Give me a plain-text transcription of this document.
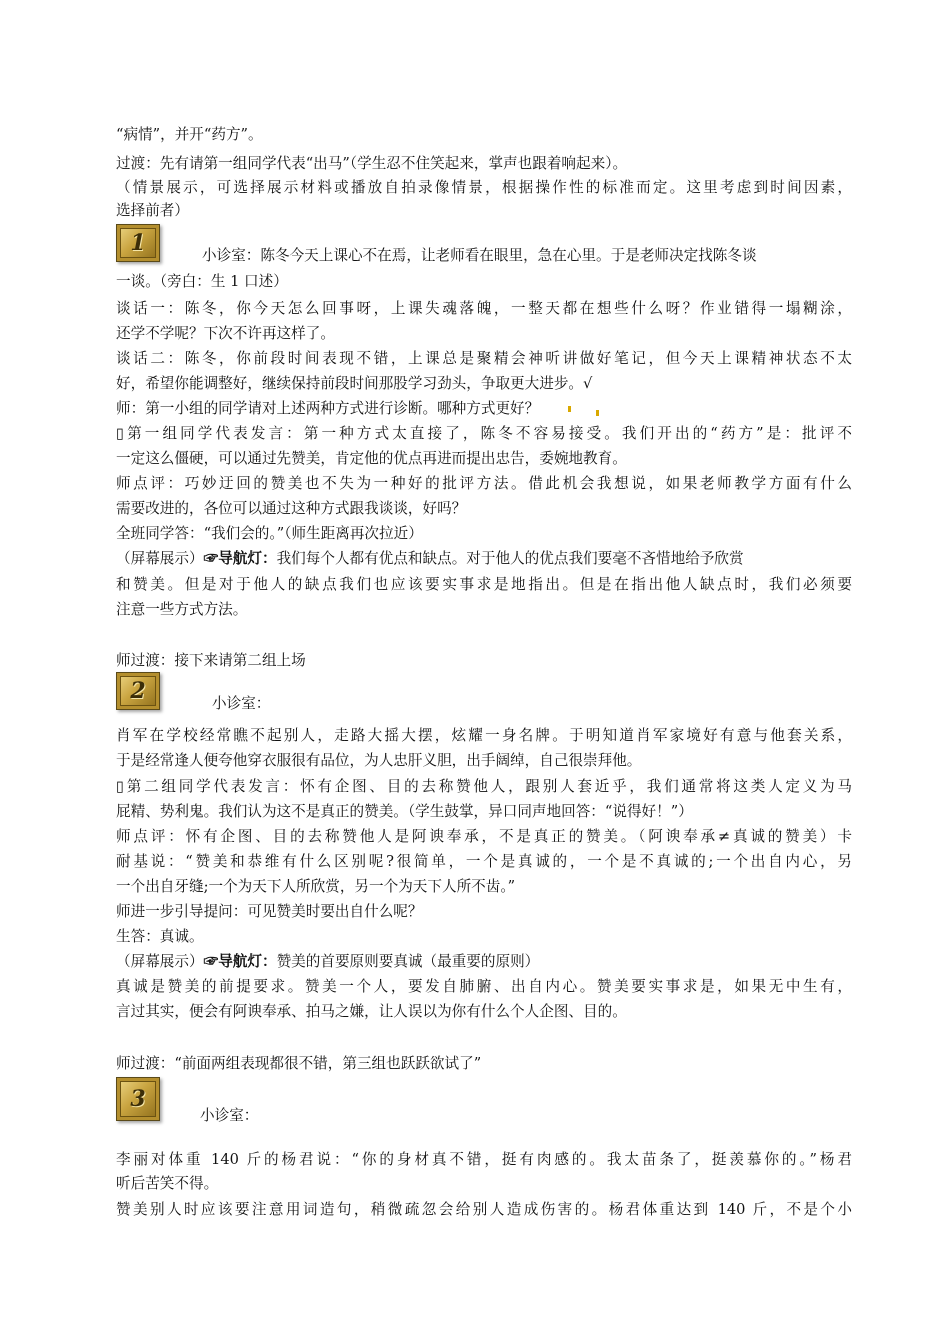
“病情”，并开“药方”。
过渡：先有请第一组同学代表“出马”（学生忍不住笑起来，掌声也跟着响起来）。
（情景展示，可选择展示材料或播放自拍录像情景，根据操作性的标准而定。这里考虑到时间因素，
选择前者）
1	小诊室：陈冬今天上课心不在焉，让老师看在眼里，急在心里。于是老师决定找陈冬谈
一谈。（旁白：生 1 口述）
谈话一：陈冬，你今天怎么回事呀，上课失魂落魄，一整天都在想些什么呀？作业错得一塌糊涂，
还学不学呢？下次不许再这样了。
谈话二：陈冬，你前段时间表现不错，上课总是聚精会神听讲做好笔记，但今天上课精神状态不太
好，希望你能调整好，继续保持前段时间那股学习劲头，争取更大进步。√
师：第一小组的同学请对上述两种方式进行诊断。哪种方式更好？
▯第一组同学代表发言：第一种方式太直接了，陈冬不容易接受。我们开出的“药方”是：批评不
一定这么僵硬，可以通过先赞美，肯定他的优点再进而提出忠告，委婉地教育。
师点评：巧妙迂回的赞美也不失为一种好的批评方法。借此机会我想说，如果老师教学方面有什么
需要改进的，各位可以通过这种方式跟我谈谈，好吗？
全班同学答：“我们会的。”（师生距离再次拉近）
（屏幕展示）☞导航灯：我们每个人都有优点和缺点。对于他人的优点我们要毫不吝惜地给予欣赏
和赞美。但是对于他人的缺点我们也应该要实事求是地指出。但是在指出他人缺点时，我们必须要
注意一些方式方法。
师过渡：接下来请第二组上场
2	小诊室：
肖军在学校经常瞧不起别人，走路大摇大摆，炫耀一身名牌。于明知道肖军家境好有意与他套关系，
于是经常逢人便夸他穿衣服很有品位，为人忠肝义胆，出手阔绰，自己很崇拜他。
▯第二组同学代表发言：怀有企图、目的去称赞他人，跟别人套近乎，我们通常将这类人定义为马
屁精、势利鬼。我们认为这不是真正的赞美。（学生鼓掌，异口同声地回答：“说得好！”）
师点评：怀有企图、目的去称赞他人是阿谀奉承，不是真正的赞美。（阿谀奉承≠真诚的赞美）卡
耐基说：“赞美和恭维有什么区别呢?很简单，一个是真诚的，一个是不真诚的;一个出自内心，另
一个出自牙缝;一个为天下人所欣赏，另一个为天下人所不齿。”
师进一步引导提问：可见赞美时要出自什么呢？
生答：真诚。
（屏幕展示）☞导航灯：赞美的首要原则要真诚（最重要的原则）
真诚是赞美的前提要求。赞美一个人，要发自肺腑、出自内心。赞美要实事求是，如果无中生有，
言过其实，便会有阿谀奉承、拍马之嫌，让人误以为你有什么个人企图、目的。
师过渡：“前面两组表现都很不错，第三组也跃跃欲试了”
3
小诊室：
李丽对体重 140 斤的杨君说：“你的身材真不错，挺有肉感的。我太苗条了，挺羡慕你的。”杨君
听后苦笑不得。
赞美别人时应该要注意用词造句，稍微疏忽会给别人造成伤害的。杨君体重达到 140 斤，不是个小
